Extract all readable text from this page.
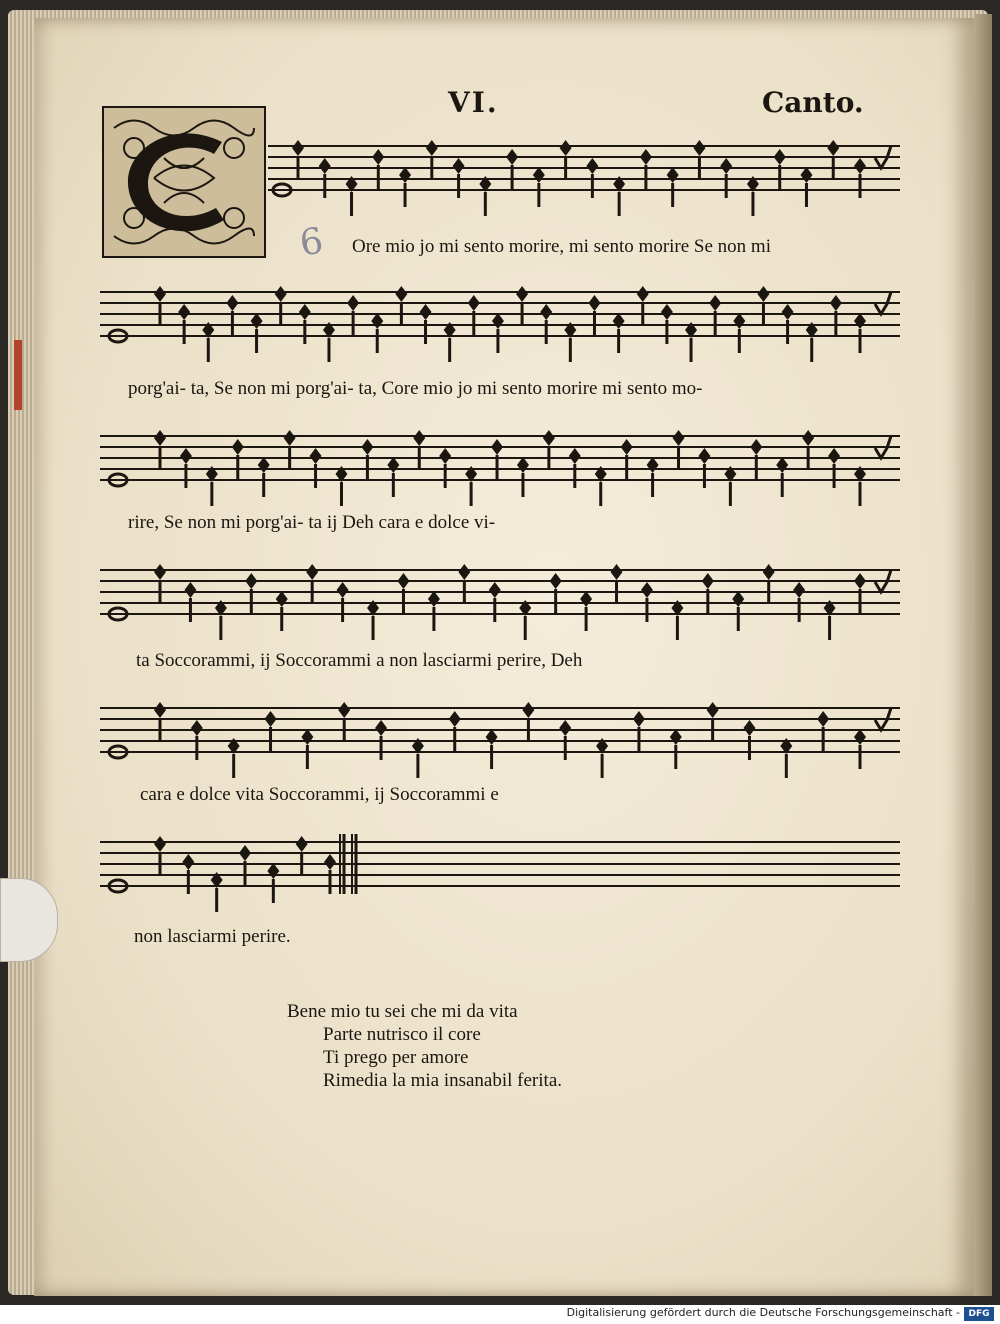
VI.	Canto.
6 Ore mio jo mi sento morire, mi sento morire Se non mi
porg'ai- ta, Se non mi porg'ai- ta, Core mio jo mi sento morire mi sento mo-
rire, Se non mi porg'ai- ta ij Deh cara e dolce vi-
ta Soccorammi, ij Soccorammi a non lasciarmi perire, Deh
cara e dolce vita Soccorammi, ij Soccorammi e
non lasciarmi perire.
Bene mio tu sei che mi da vita
Parte nutrisco il core
Ti prego per amore
Rimedia la mia insanabil ferita.
Digitalisierung gefördert durch die Deutsche Forschungsgemeinschaft - DFG
